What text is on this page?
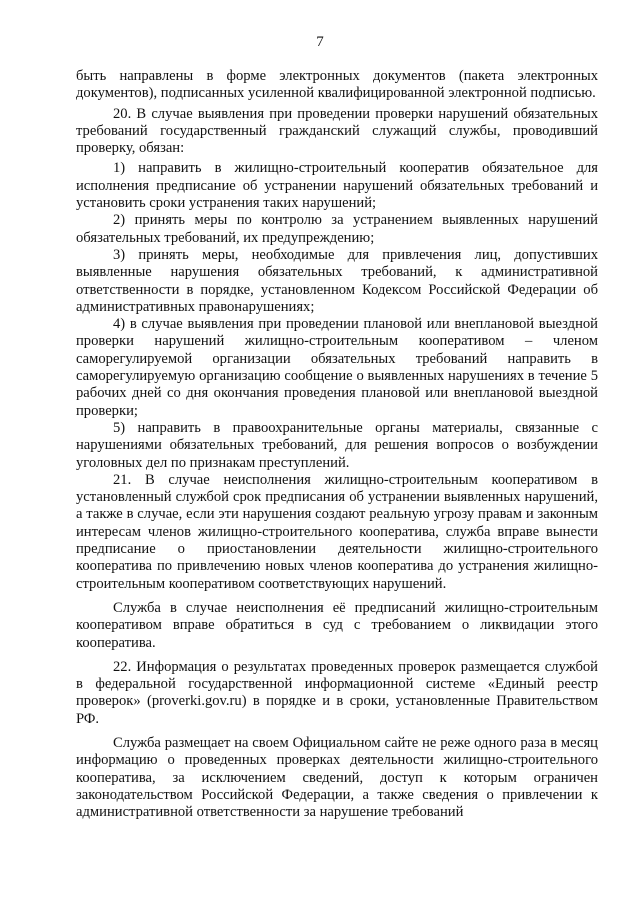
7

быть направлены в форме электронных документов (пакета электронных документов), подписанных усиленной квалифицированной электронной подписью.

20. В случае выявления при проведении проверки нарушений обязательных требований государственный гражданский служащий службы, проводивший проверку, обязан:

1) направить в жилищно-строительный кооператив обязательное для исполнения предписание об устранении нарушений обязательных требований и установить сроки устранения таких нарушений;

2) принять меры по контролю за устранением выявленных нарушений обязательных требований, их предупреждению;

3) принять меры, необходимые для привлечения лиц, допустивших выявленные нарушения обязательных требований, к административной ответственности в порядке, установленном Кодексом Российской Федерации об административных правонарушениях;

4) в случае выявления при проведении плановой или внеплановой выездной проверки нарушений жилищно-строительным кооперативом – членом саморегулируемой организации обязательных требований направить в саморегулируемую организацию сообщение о выявленных нарушениях в течение 5 рабочих дней со дня окончания проведения плановой или внеплановой выездной проверки;

5) направить в правоохранительные органы материалы, связанные с нарушениями обязательных требований, для решения вопросов о возбуждении уголовных дел по признакам преступлений.

21. В случае неисполнения жилищно-строительным кооперативом в установленный службой срок предписания об устранении выявленных нарушений, а также в случае, если эти нарушения создают реальную угрозу правам и законным интересам членов жилищно-строительного кооператива, служба вправе вынести предписание о приостановлении деятельности жилищно-строительного кооператива по привлечению новых членов кооператива до устранения жилищно-строительным кооперативом соответствующих нарушений.

Служба в случае неисполнения её предписаний жилищно-строительным кооперативом вправе обратиться в суд с требованием о ликвидации этого кооператива.

22. Информация о результатах проведенных проверок размещается службой в федеральной государственной информационной системе «Единый реестр проверок» (proverki.gov.ru) в порядке и в сроки, установленные Правительством РФ.

Служба размещает на своем Официальном сайте не реже одного раза в месяц информацию о проведенных проверках деятельности жилищно-строительного кооператива, за исключением сведений, доступ к которым ограничен законодательством Российской Федерации, а также сведения о привлечении к административной ответственности за нарушение требований
